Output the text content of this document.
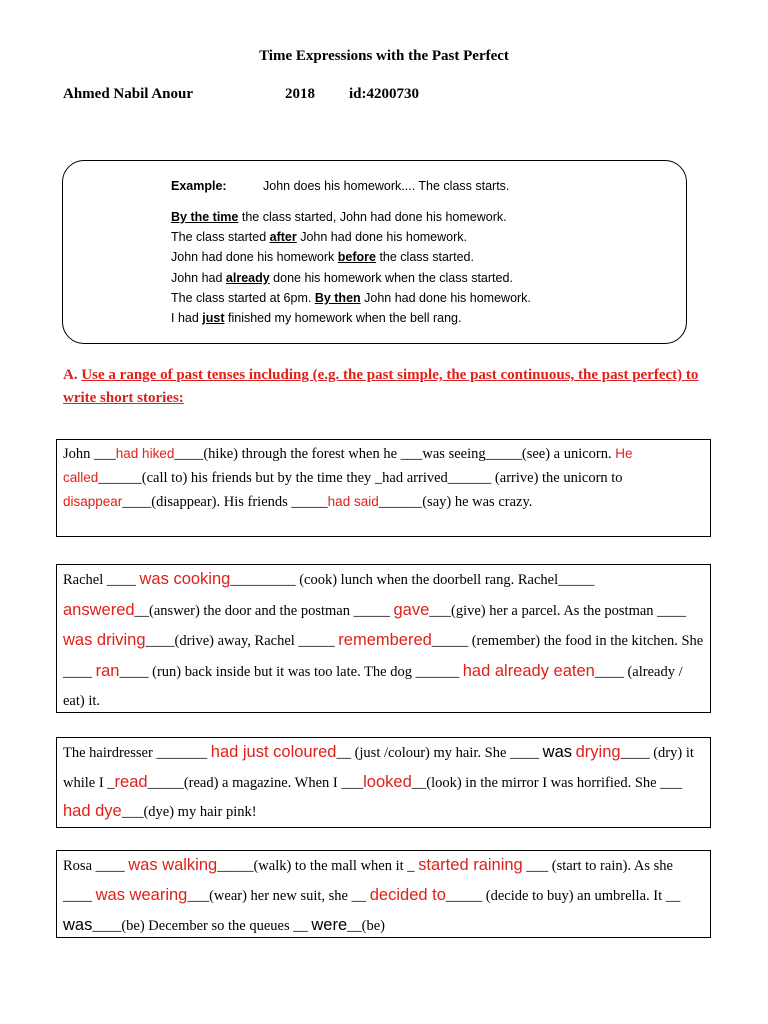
Time Expressions with the Past Perfect
Ahmed Nabil Anour	2018 id:4200730
Example:	John does his homework.... The class starts.
By the time the class started, John had done his homework.
The class started after John had done his homework.
John had done his homework before the class started.
John had already done his homework when the class started.
The class started at 6pm. By then John had done his homework.
I had just finished my homework when the bell rang.
A. Use a range of past tenses including (e.g. the past simple, the past continuous, the past perfect) to write short stories:
John ___had hiked____(hike) through the forest when he ___was seeing_____(see) a unicorn. He called______(call to) his friends but by the time they _had arrived______ (arrive) the unicorn to disappear____(disappear). His friends _____had said______(say) he was crazy.
Rachel ____ was cooking_________ (cook) lunch when the doorbell rang. Rachel_____ answered__(answer) the door and the postman _____ gave___(give) her a parcel. As the postman ____ was driving____(drive) away, Rachel _____ remembered_____ (remember) the food in the kitchen. She ____ ran____ (run) back inside but it was too late. The dog ______ had already eaten____ (already / eat) it.
The hairdresser _______ had just coloured__ (just /colour) my hair. She ____ was drying____ (dry) it while I _read_____(read) a magazine. When I ___looked__(look) in the mirror I was horrified. She ___ had dye___(dye) my hair pink!
Rosa ____ was walking_____(walk) to the mall when it _ started raining ___ (start to rain). As she ____ was wearing___(wear) her new suit, she __ decided to_____ (decide to buy) an umbrella. It __ was____(be) December so the queues __ were__(be)
